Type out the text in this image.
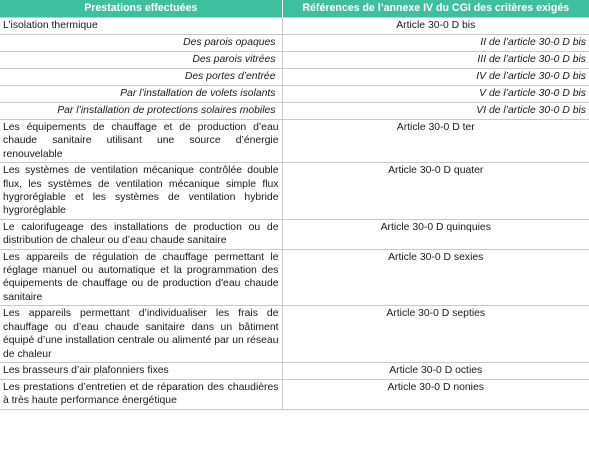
Prestations effectuées	Références de l’annexe IV du CGI des critères exigés
L’isolation thermique	Article 30-0 D bis
Des parois opaques	II de l’article 30-0 D bis
Des parois vitrées	III de l’article 30-0 D bis
Des portes d’entrée	IV de l’article 30-0 D bis
Par l’installation de volets isolants	V de l’article 30-0 D bis
Par l’installation de protections solaires mobiles	VI de l’article 30-0 D bis
Les équipements de chauffage et de production d’eau chaude sanitaire utilisant une source d’énergie renouvelable	Article 30-0 D ter
Les systèmes de ventilation mécanique contrôlée double flux, les systèmes de ventilation mécanique simple flux hygroréglable et les systèmes de ventilation hybride hygroréglable	Article 30-0 D quater
Le calorifugeage des installations de production ou de distribution de chaleur ou d’eau chaude sanitaire	Article 30-0 D quinquies
Les appareils de régulation de chauffage permettant le réglage manuel ou automatique et la programmation des équipements de chauffage ou de production d'eau chaude sanitaire	Article 30-0 D sexies
Les appareils permettant d’individualiser les frais de chauffage ou d’eau chaude sanitaire dans un bâtiment équipé d’une installation centrale ou alimenté par un réseau de chaleur	Article 30-0 D septies
Les brasseurs d’air plafonniers fixes	Article 30-0 D octies
Les prestations d’entretien et de réparation des chaudières à très haute performance énergétique	Article 30-0 D nonies
